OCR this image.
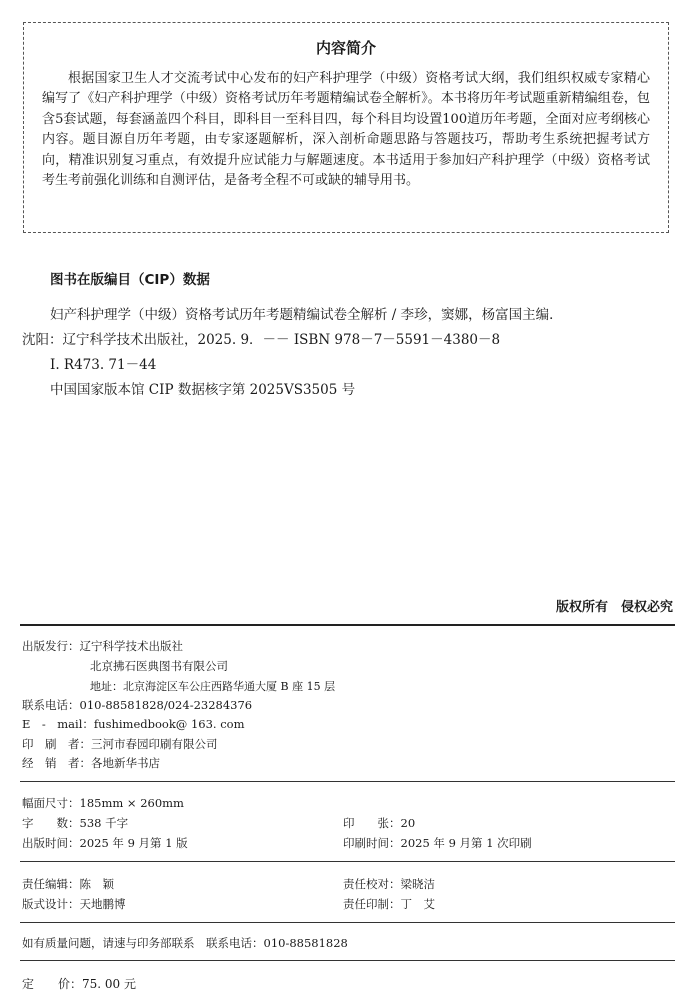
内容简介
根据国家卫生人才交流考试中心发布的妇产科护理学（中级）资格考试大纲，我们组织权威专家精心编写了《妇产科护理学（中级）资格考试历年考题精编试卷全解析》。本书将历年考试题重新精编组卷，包含5套试题，每套涵盖四个科目，即科目一至科目四，每个科目均设置100道历年考题，全面对应考纲核心内容。题目源自历年考题，由专家逐题解析，深入剖析命题思路与答题技巧，帮助考生系统把握考试方向，精准识别复习重点，有效提升应试能力与解题速度。本书适用于参加妇产科护理学（中级）资格考试考生考前强化训练和自测评估，是备考全程不可或缺的辅导用书。
图书在版编目（CIP）数据
妇产科护理学（中级）资格考试历年考题精编试卷全解析 / 李珍，窦娜，杨富国主编．
沈阳：辽宁科学技术出版社，2025. 9．－－ ISBN 978－7－5591－4380－8
Ⅰ. R473. 71－44
中国国家版本馆 CIP 数据核字第 2025VS3505 号
版权所有　侵权必究
出版发行：辽宁科学技术出版社
北京拂石医典图书有限公司
地址：北京海淀区车公庄西路华通大厦 B 座 15 层
联系电话：010-88581828/024-23284376
E　-　mail：fushimedbook@ 163. com
印　刷　者：三河市春园印刷有限公司
经　销　者：各地新华书店
幅面尺寸：185mm × 260mm
字　　数：538 千字	印　　张：20
出版时间：2025 年 9 月第 1 版	印刷时间：2025 年 9 月第 1 次印刷
责任编辑：陈　颖	责任校对：梁晓洁
版式设计：天地鹏博	责任印制：丁　艾
如有质量问题，请速与印务部联系　联系电话：010-88581828
定　　价：75. 00 元
